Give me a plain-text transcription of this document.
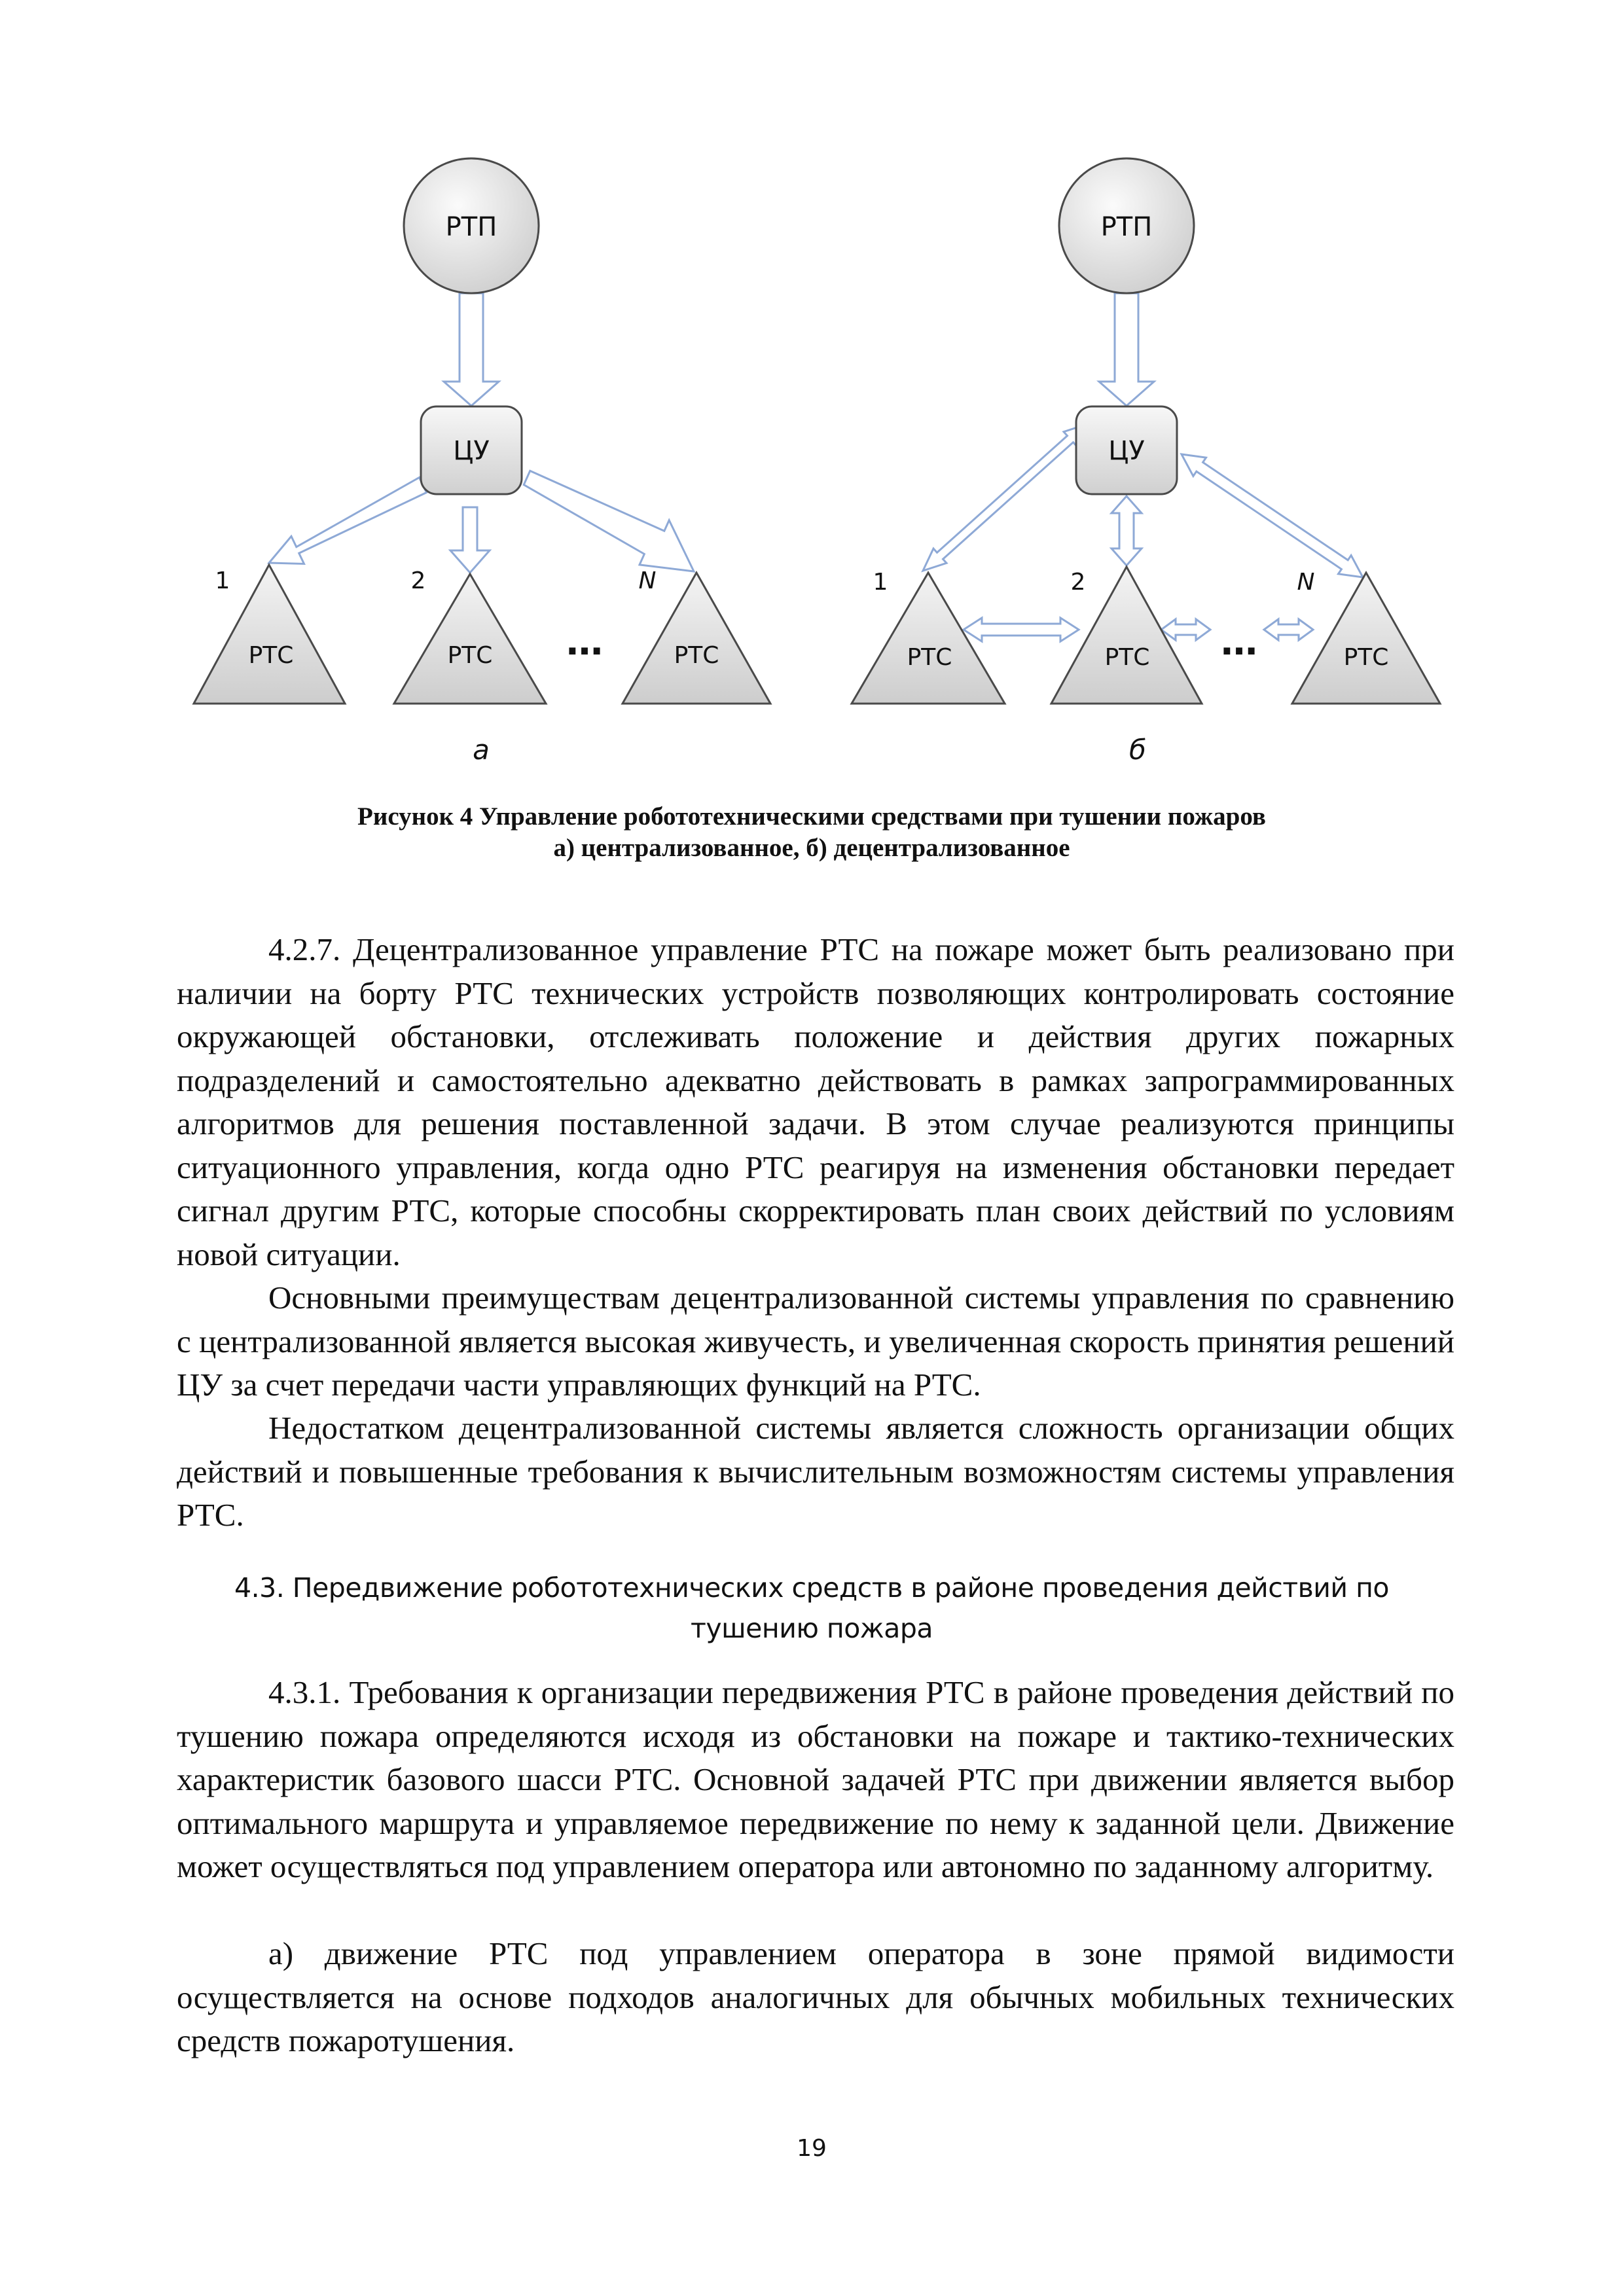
РТП
ЦУ
РТС	РТС	РТС
1	2	N
…
а
РТП
ЦУ
РТС	РТС	РТС
1	2	N
…
б
Рисунок 4 Управление робототехническими средствами при тушении пожаров
а) централизованное, б) децентрализованное

4.2.7. Децентрализованное управление РТС на пожаре может быть реализовано при наличии на борту РТС технических устройств позволяющих контролировать состояние окружающей обстановки, отслеживать положение и действия других пожарных подразделений и самостоятельно адекватно действовать в рамках запрограммированных алгоритмов для решения поставленной задачи. В этом случае реализуются принципы ситуационного управления, когда одно РТС реагируя на изменения обстановки передает сигнал другим РТС, которые способны скорректировать план своих действий по условиям новой ситуации.

Основными преимуществам децентрализованной системы управления по сравнению с централизованной является высокая живучесть, и увеличенная скорость принятия решений ЦУ за счет передачи части управляющих функций на РТС.

Недостатком децентрализованной системы является сложность организации общих действий и повышенные требования к вычислительным возможностям системы управления РТС.

4.3. Передвижение робототехнических средств в районе проведения действий по
тушению пожара

4.3.1. Требования к организации передвижения РТС в районе проведения действий по тушению пожара определяются исходя из обстановки на пожаре и тактико-технических характеристик базового шасси РТС. Основной задачей РТС при движении является выбор оптимального маршрута и управляемое передвижение по нему к заданной цели. Движение может осуществляться под управлением оператора или автономно по заданному алгоритму.

а) движение РТС под управлением оператора в зоне прямой видимости осуществляется на основе подходов аналогичных для обычных мобильных технических средств пожаротушения.

19
